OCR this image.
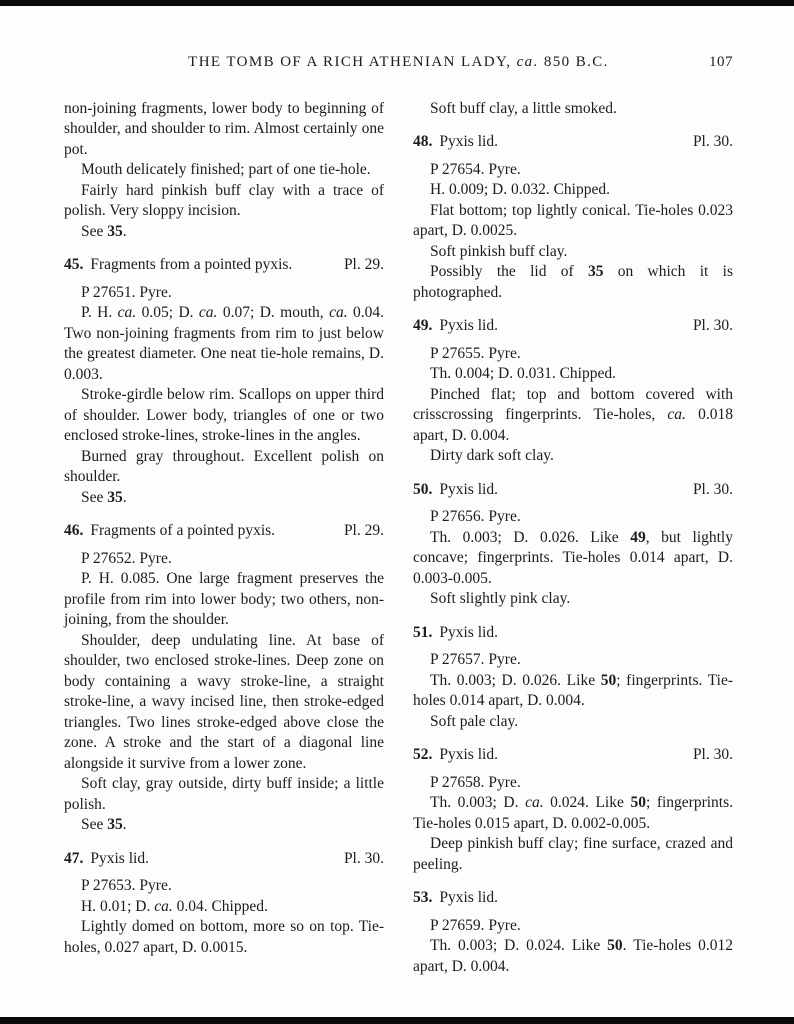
THE TOMB OF A RICH ATHENIAN LADY, ca. 850 B.C.	107

non-joining fragments, lower body to beginning of shoulder, and shoulder to rim. Almost certainly one pot.

Mouth delicately finished; part of one tie-hole.

Fairly hard pinkish buff clay with a trace of polish. Very sloppy incision.

See 35.

45. Fragments from a pointed pyxis.	Pl. 29.

P 27651. Pyre.

P. H. ca. 0.05; D. ca. 0.07; D. mouth, ca. 0.04. Two non-joining fragments from rim to just below the greatest diameter. One neat tie-hole remains, D. 0.003.

Stroke-girdle below rim. Scallops on upper third of shoulder. Lower body, triangles of one or two enclosed stroke-lines, stroke-lines in the angles.

Burned gray throughout. Excellent polish on shoulder.

See 35.

46. Fragments of a pointed pyxis.	Pl. 29.

P 27652. Pyre.

P. H. 0.085. One large fragment preserves the profile from rim into lower body; two others, non-joining, from the shoulder.

Shoulder, deep undulating line. At base of shoulder, two enclosed stroke-lines. Deep zone on body containing a wavy stroke-line, a straight stroke-line, a wavy incised line, then stroke-edged triangles. Two lines stroke-edged above close the zone. A stroke and the start of a diagonal line alongside it survive from a lower zone.

Soft clay, gray outside, dirty buff inside; a little polish.

See 35.

47. Pyxis lid.	Pl. 30.

P 27653. Pyre.

H. 0.01; D. ca. 0.04. Chipped.

Lightly domed on bottom, more so on top. Tie-holes, 0.027 apart, D. 0.0015.

Soft buff clay, a little smoked.

48. Pyxis lid.	Pl. 30.

P 27654. Pyre.

H. 0.009; D. 0.032. Chipped.

Flat bottom; top lightly conical. Tie-holes 0.023 apart, D. 0.0025.

Soft pinkish buff clay.

Possibly the lid of 35 on which it is photographed.

49. Pyxis lid.	Pl. 30.

P 27655. Pyre.

Th. 0.004; D. 0.031. Chipped.

Pinched flat; top and bottom covered with crisscrossing fingerprints. Tie-holes, ca. 0.018 apart, D. 0.004.

Dirty dark soft clay.

50. Pyxis lid.	Pl. 30.

P 27656. Pyre.

Th. 0.003; D. 0.026. Like 49, but lightly concave; fingerprints. Tie-holes 0.014 apart, D. 0.003-0.005.

Soft slightly pink clay.

51. Pyxis lid.

P 27657. Pyre.

Th. 0.003; D. 0.026. Like 50; fingerprints. Tie-holes 0.014 apart, D. 0.004.

Soft pale clay.

52. Pyxis lid.	Pl. 30.

P 27658. Pyre.

Th. 0.003; D. ca. 0.024. Like 50; fingerprints. Tie-holes 0.015 apart, D. 0.002-0.005.

Deep pinkish buff clay; fine surface, crazed and peeling.

53. Pyxis lid.

P 27659. Pyre.

Th. 0.003; D. 0.024. Like 50. Tie-holes 0.012 apart, D. 0.004.
